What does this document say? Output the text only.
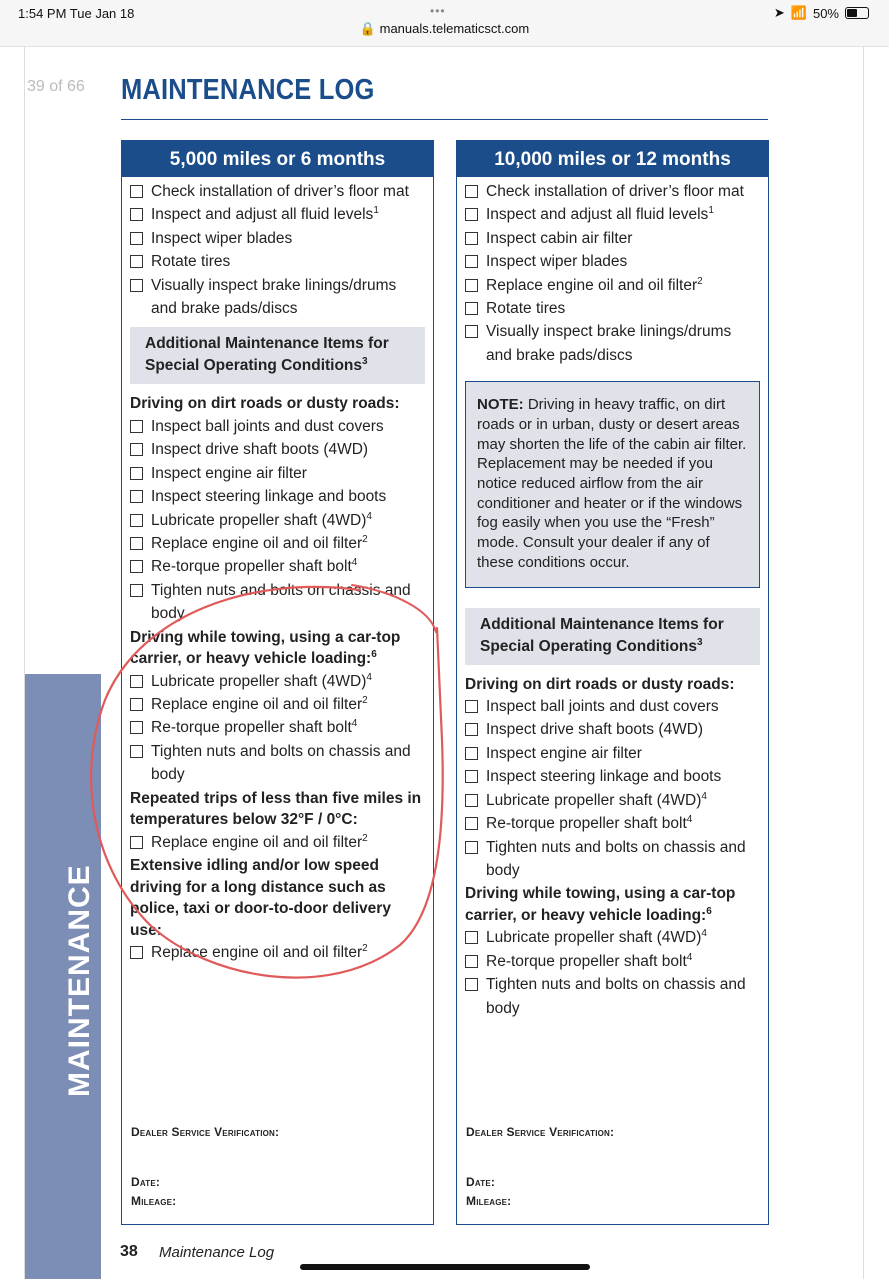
1:54 PM Tue Jan 18	•••
🔒 manuals.telematicsct.com
➤ 📶 50%
39 of 66 MAINTENANCE LOG
MAINTENANCE
5,000 miles or 6 months
Check installation of driver’s floor mat
Inspect and adjust all fluid levels$^1$
Inspect wiper blades
Rotate tires
Visually inspect brake linings/drums and brake pads/discs
Additional Maintenance Items for Special Operating Conditions$^3$
Driving on dirt roads or dusty roads:
Inspect ball joints and dust covers
Inspect drive shaft boots (4WD)
Inspect engine air filter
Inspect steering linkage and boots
Lubricate propeller shaft $(4WD)^4$
Replace engine oil and oil filter$^2$
Re-torque propeller shaft bolt$^4$
Tighten nuts and bolts on chassis and body
Driving while towing, using a car-top carrier, or heavy vehicle loading:$^6$
Lubricate propeller shaft $(4WD)^4$
Replace engine oil and oil filter$^2$
Re-torque propeller shaft bolt$^4$
Tighten nuts and bolts on chassis and body
Repeated trips of less than five miles in temperatures below 32°F / 0°C:
Replace engine oil and oil filter$^2$
Extensive idling and/or low speed driving for a long distance such as police, taxi or door-to-door delivery use:
Replace engine oil and oil filter$^2$
Dealer Service Verification:
Date:
Mileage:
10,000 miles or 12 months
Check installation of driver’s floor mat
Inspect and adjust all fluid levels$^1$
Inspect cabin air filter
Inspect wiper blades
Replace engine oil and oil filter$^2$
Rotate tires
Visually inspect brake linings/drums and brake pads/discs
NOTE: Driving in heavy traffic, on dirt roads or in urban, dusty or desert areas may shorten the life of the cabin air filter. Replacement may be needed if you notice reduced airflow from the air conditioner and heater or if the windows fog easily when you use the “Fresh” mode. Consult your dealer if any of these conditions occur.
Additional Maintenance Items for Special Operating Conditions$^3$
Driving on dirt roads or dusty roads:
Inspect ball joints and dust covers
Inspect drive shaft boots (4WD)
Inspect engine air filter
Inspect steering linkage and boots
Lubricate propeller shaft $(4WD)^4$
Re-torque propeller shaft bolt$^4$
Tighten nuts and bolts on chassis and body
Driving while towing, using a car-top carrier, or heavy vehicle loading:$^6$
Lubricate propeller shaft $(4WD)^4$
Re-torque propeller shaft bolt$^4$
Tighten nuts and bolts on chassis and body
Dealer Service Verification:
Date:
Mileage:
38 Maintenance Log
